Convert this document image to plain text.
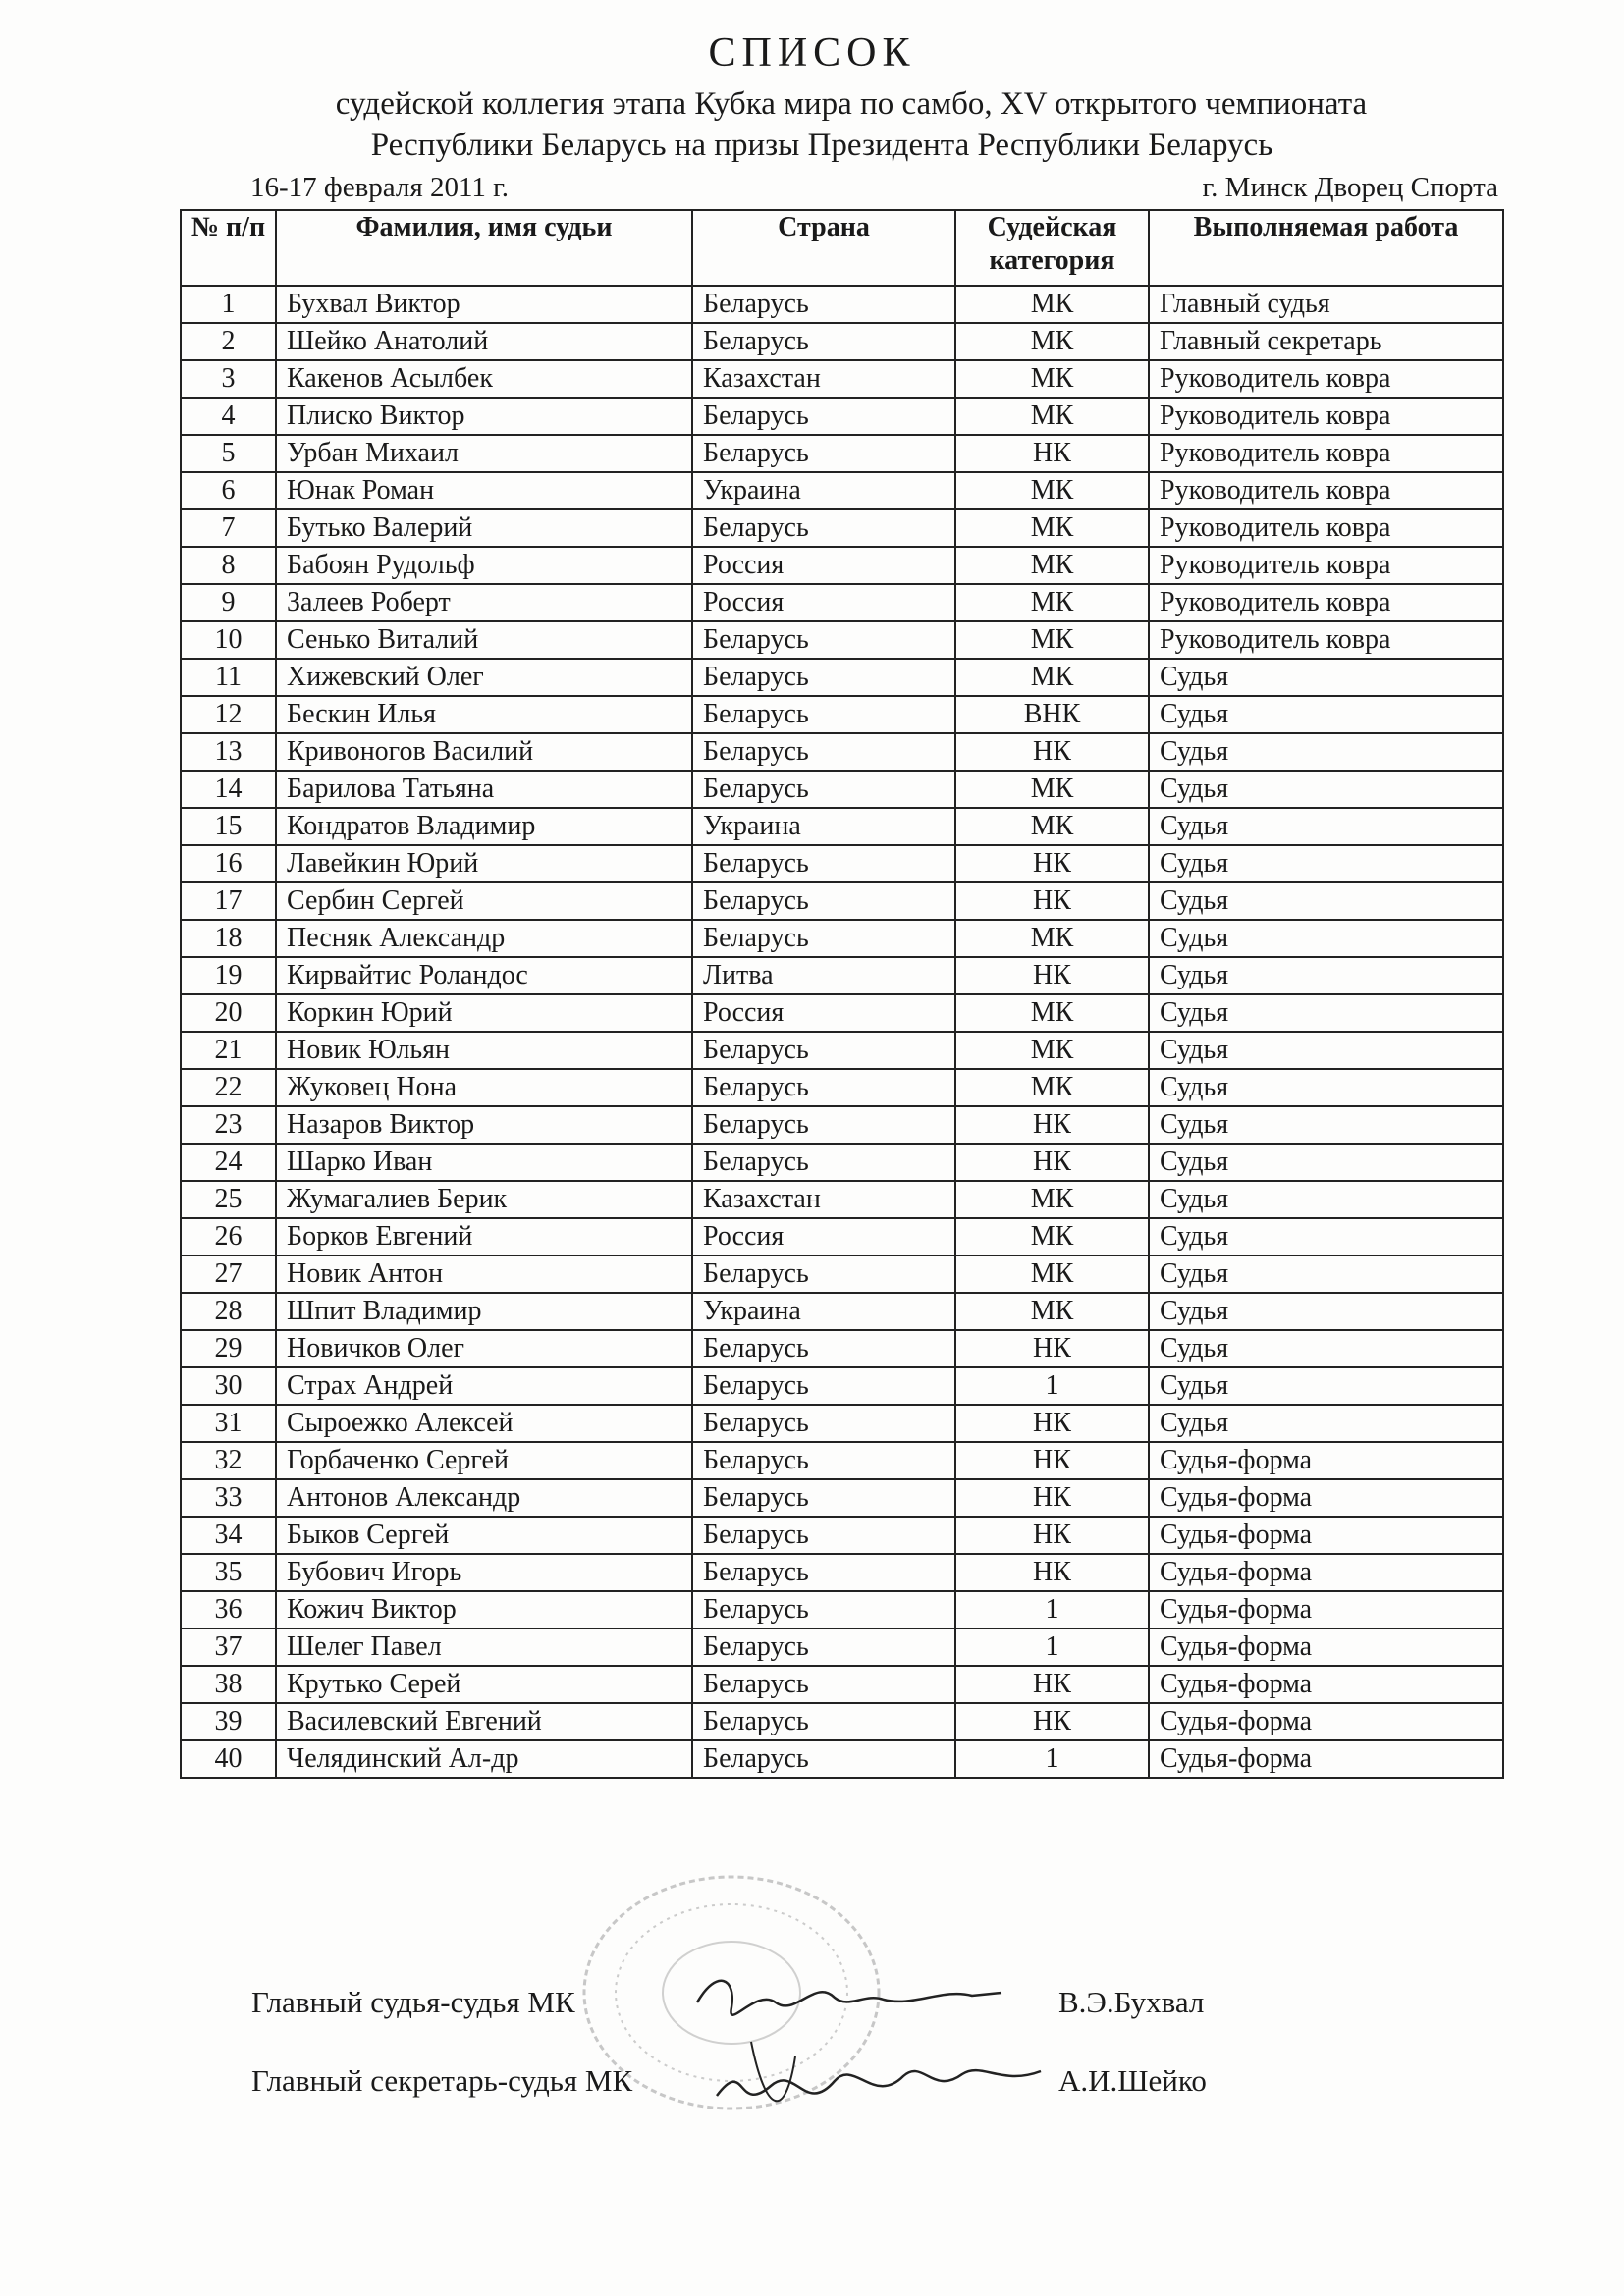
СПИСОК
судейской коллегия этапа Кубка мира по самбо, XV открытого чемпионата
Республики Беларусь на призы Президента Республики Беларусь
16-17 февраля 2011 г.	г. Минск Дворец Спорта
№ п/п	Фамилия, имя судьи	Страна	Судейская категория	Выполняемая работа
1	Бухвал Виктор	Беларусь	МК	Главный судья
2	Шейко Анатолий	Беларусь	МК	Главный секретарь
3	Какенов Асылбек	Казахстан	МК	Руководитель ковра
4	Плиско Виктор	Беларусь	МК	Руководитель ковра
5	Урбан Михаил	Беларусь	НК	Руководитель ковра
6	Юнак Роман	Украина	МК	Руководитель ковра
7	Бутько Валерий	Беларусь	МК	Руководитель ковра
8	Бабоян Рудольф	Россия	МК	Руководитель ковра
9	Залеев Роберт	Россия	МК	Руководитель ковра
10	Сенько Виталий	Беларусь	МК	Руководитель ковра
11	Хижевский Олег	Беларусь	МК	Судья
12	Бескин Илья	Беларусь	ВНК	Судья
13	Кривоногов Василий	Беларусь	НК	Судья
14	Барилова Татьяна	Беларусь	МК	Судья
15	Кондратов Владимир	Украина	МК	Судья
16	Лавейкин Юрий	Беларусь	НК	Судья
17	Сербин Сергей	Беларусь	НК	Судья
18	Песняк Александр	Беларусь	МК	Судья
19	Кирвайтис Роландос	Литва	НК	Судья
20	Коркин Юрий	Россия	МК	Судья
21	Новик Юльян	Беларусь	МК	Судья
22	Жуковец Нона	Беларусь	МК	Судья
23	Назаров Виктор	Беларусь	НК	Судья
24	Шарко Иван	Беларусь	НК	Судья
25	Жумагалиев Берик	Казахстан	МК	Судья
26	Борков Евгений	Россия	МК	Судья
27	Новик Антон	Беларусь	МК	Судья
28	Шпит Владимир	Украина	МК	Судья
29	Новичков Олег	Беларусь	НК	Судья
30	Страх Андрей	Беларусь	1	Судья
31	Сыроежко Алексей	Беларусь	НК	Судья
32	Горбаченко Сергей	Беларусь	НК	Судья-форма
33	Антонов Александр	Беларусь	НК	Судья-форма
34	Быков Сергей	Беларусь	НК	Судья-форма
35	Бубович Игорь	Беларусь	НК	Судья-форма
36	Кожич Виктор	Беларусь	1	Судья-форма
37	Шелег Павел	Беларусь	1	Судья-форма
38	Крутько Серей	Беларусь	НК	Судья-форма
39	Василевский Евгений	Беларусь	НК	Судья-форма
40	Челядинский Ал-др	Беларусь	1	Судья-форма
Главный судья-судья МК	В.Э.Бухвал
Главный секретарь-судья МК	А.И.Шейко
